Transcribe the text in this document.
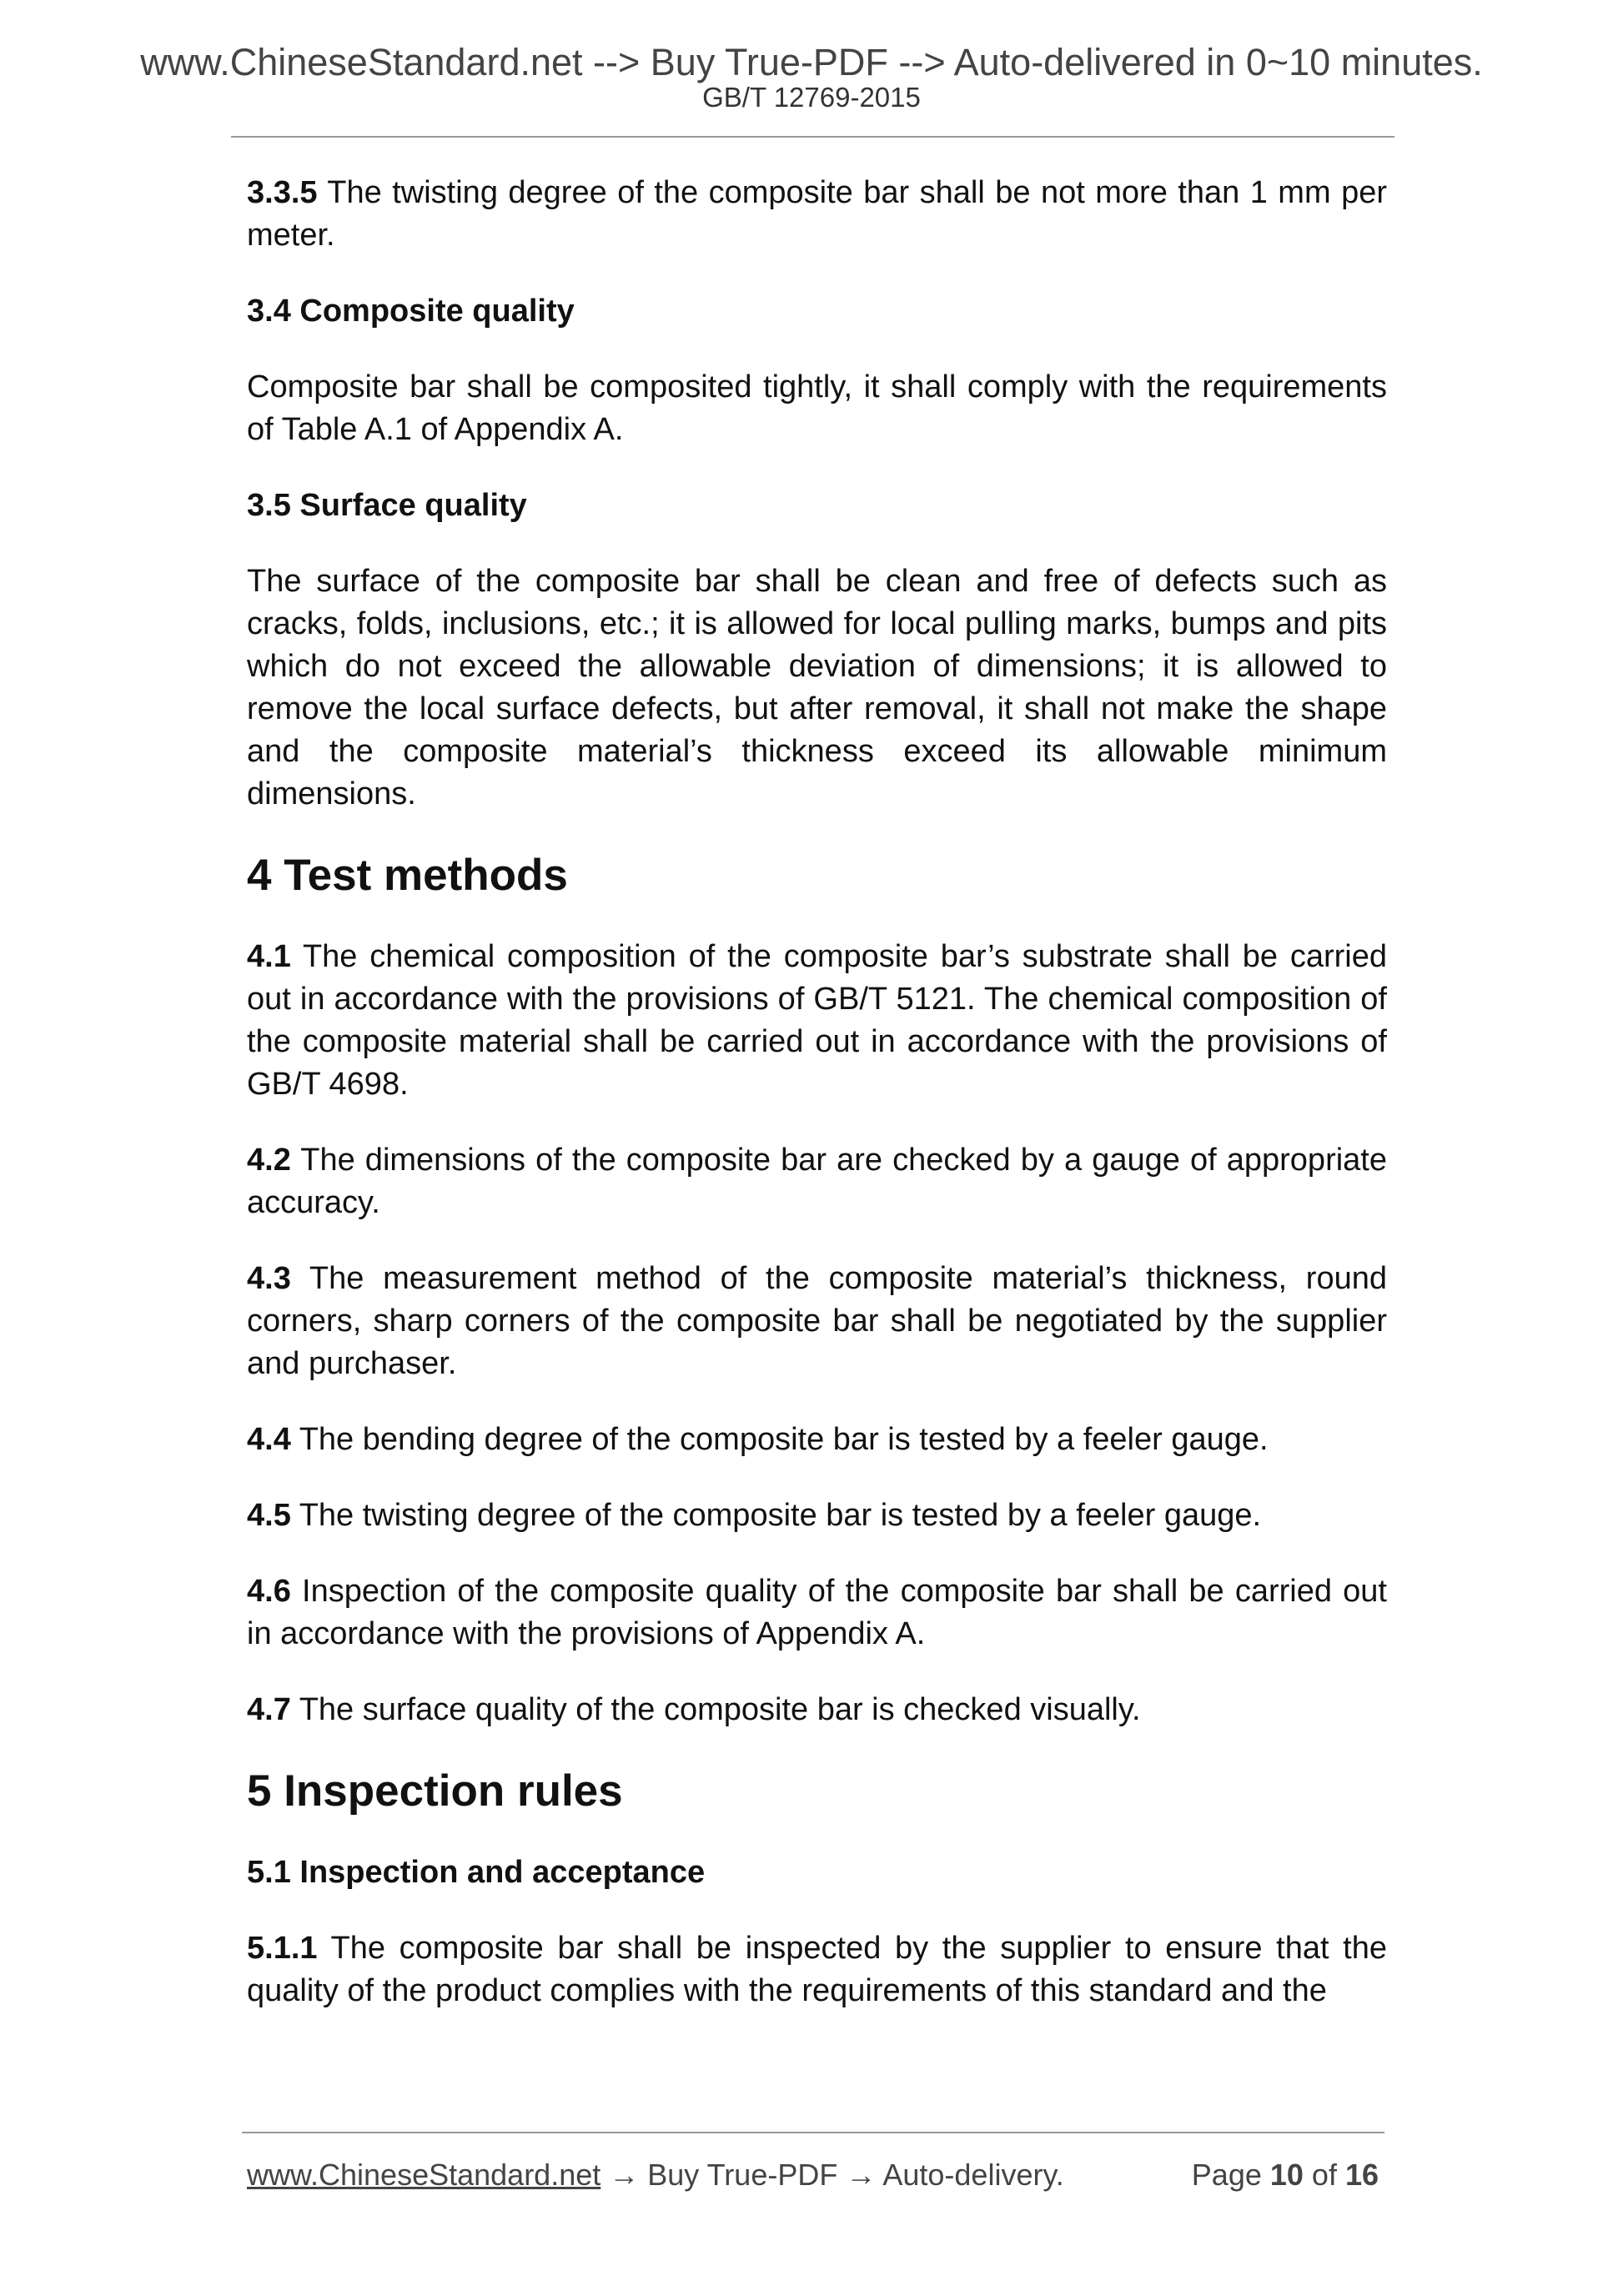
www.ChineseStandard.net --> Buy True-PDF --> Auto-delivered in 0~10 minutes.
GB/T 12769-2015

3.3.5 The twisting degree of the composite bar shall be not more than 1 mm per meter.

3.4 Composite quality

Composite bar shall be composited tightly, it shall comply with the requirements of Table A.1 of Appendix A.

3.5 Surface quality

The surface of the composite bar shall be clean and free of defects such as cracks, folds, inclusions, etc.; it is allowed for local pulling marks, bumps and pits which do not exceed the allowable deviation of dimensions; it is allowed to remove the local surface defects, but after removal, it shall not make the shape and the composite material’s thickness exceed its allowable minimum dimensions.

4 Test methods

4.1 The chemical composition of the composite bar’s substrate shall be carried out in accordance with the provisions of GB/T 5121. The chemical composition of the composite material shall be carried out in accordance with the provisions of GB/T 4698.

4.2 The dimensions of the composite bar are checked by a gauge of appropriate accuracy.

4.3 The measurement method of the composite material’s thickness, round corners, sharp corners of the composite bar shall be negotiated by the supplier and purchaser.

4.4 The bending degree of the composite bar is tested by a feeler gauge.

4.5 The twisting degree of the composite bar is tested by a feeler gauge.

4.6 Inspection of the composite quality of the composite bar shall be carried out in accordance with the provisions of Appendix A.

4.7 The surface quality of the composite bar is checked visually.

5 Inspection rules
5.1 Inspection and acceptance

5.1.1 The composite bar shall be inspected by the supplier to ensure that the quality of the product complies with the requirements of this standard and the

www.ChineseStandard.net → Buy True-PDF → Auto-delivery.	Page 10 of 16
